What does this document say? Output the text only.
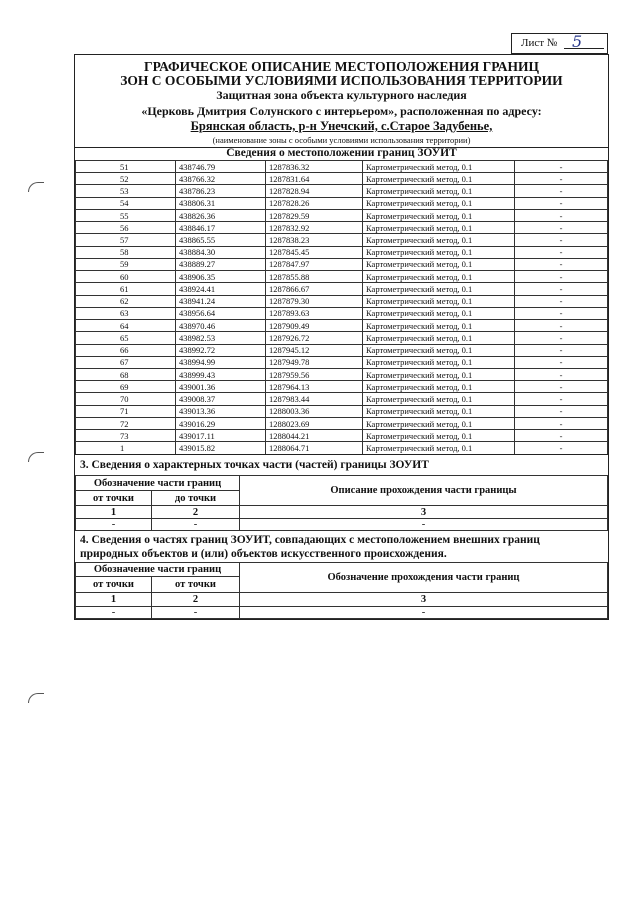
Лист № 5
ГРАФИЧЕСКОЕ ОПИСАНИЕ МЕСТОПОЛОЖЕНИЯ ГРАНИЦ
ЗОН С ОСОБЫМИ УСЛОВИЯМИ ИСПОЛЬЗОВАНИЯ ТЕРРИТОРИИ
Защитная зона объекта культурного наследия
«Церковь Дмитрия Солунского с интерьером», расположенная по адресу:
Брянская область, р-н Унечский, с.Старое Задубенье,
(наименование зоны с особыми условиями использования территории)
Сведения о местоположении границ ЗОУИТ
51	438746.79	1287836.32	Картометрический метод, 0.1	-
52	438766.32	1287831.64	Картометрический метод, 0.1	-
53	438786.23	1287828.94	Картометрический метод, 0.1	-
54	438806.31	1287828.26	Картометрический метод, 0.1	-
55	438826.36	1287829.59	Картометрический метод, 0.1	-
56	438846.17	1287832.92	Картометрический метод, 0.1	-
57	438865.55	1287838.23	Картометрический метод, 0.1	-
58	438884.30	1287845.45	Картометрический метод, 0.1	-
59	438889.27	1287847.97	Картометрический метод, 0.1	-
60	438906.35	1287855.88	Картометрический метод, 0.1	-
61	438924.41	1287866.67	Картометрический метод, 0.1	-
62	438941.24	1287879.30	Картометрический метод, 0.1	-
63	438956.64	1287893.63	Картометрический метод, 0.1	-
64	438970.46	1287909.49	Картометрический метод, 0.1	-
65	438982.53	1287926.72	Картометрический метод, 0.1	-
66	438992.72	1287945.12	Картометрический метод, 0.1	-
67	438994.99	1287949.78	Картометрический метод, 0.1	-
68	438999.43	1287959.56	Картометрический метод, 0.1	-
69	439001.36	1287964.13	Картометрический метод, 0.1	-
70	439008.37	1287983.44	Картометрический метод, 0.1	-
71	439013.36	1288003.36	Картометрический метод, 0.1	-
72	439016.29	1288023.69	Картометрический метод, 0.1	-
73	439017.11	1288044.21	Картометрический метод, 0.1	-
1	439015.82	1288064.71	Картометрический метод, 0.1	-
3. Сведения о характерных точках части (частей) границы ЗОУИТ
Обозначение части границ		Описание прохождения части границы
от точки	до точки	
1	2	3
-	-	-
4. Сведения о частях границ ЗОУИТ, совпадающих с местоположением внешних границ
природных объектов и (или) объектов искусственного происхождения.
Обозначение части границ		Обозначение прохождения части границ
от точки	от точки	
1	2	3
-	-	-
